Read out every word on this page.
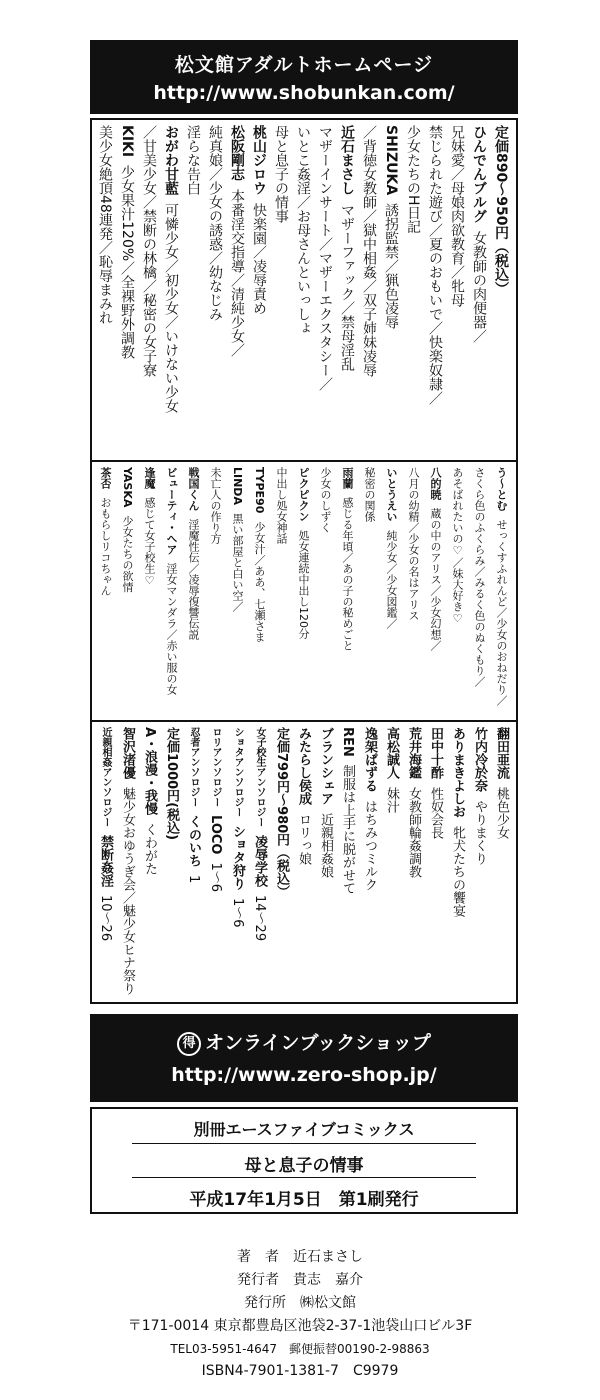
松文館アダルトホームページ
http://www.shobunkan.com/
定価890～950円（税込）
ひんでんブルグ女教師の肉便器／
兄妹愛／母娘肉欲教育／牝母
禁じられた遊び／夏のおもいで／快楽奴隷／
少女たちのH日記
SHIZUKA誘拐監禁／猟色凌辱
／背徳女教師／獄中相姦／双子姉妹凌辱
近石まさしマザーファック／禁母淫乱
マザーインサート／マザーエクスタシー／
いとこ姦淫／お母さんといっしょ
母と息子の情事
桃山ジロウ快楽園／凌辱責め
松阪剛志本番淫交指導／清純少女／
純真娘／少女の誘惑／幼なじみ
淫らな告白
おがわ甘藍可憐少女／初少女／いけない少女
／甘美少女／禁断の林檎／秘密の女子寮
KIKI少女果汁120%／全裸野外調教
美少女絶頂48連発／恥辱まみれ
う～とむせっくすふれんど／少女のおねだり／
さくら色のふくらみ／みるく色のぬくもり／
あそばれたいの♡／妹大好き♡
八的暁蔵の中のアリス／少女幻想／
八月の幼精／少女の名はアリス
いとうえい純少女／少女図鑑／
秘密の関係
雨蘭感じる年頃／あの子の秘めごと
少女のしずく
ピクピクン処女連続中出し120分
中出し処女神話
TYPE90少女汁／ああ、七瀬さま
LINDA黒い部屋と白い空／
未亡人の作り方
戦国くん淫魔性伝／凌辱復讐伝説
ビューティ・ヘア淫女マンダラ／赤い服の女
逢魔感じて女子校生♡
YASKA少女たちの欲情
茶否おもらしリコちゃん
翻田亜流桃色少女
竹内冷於奈やりまくり
ありまきよしお牝犬たちの饗宴
田中十酢性奴会長
荒井海鑑女教師輪姦調教
高松誠人妹汁
逸架ぱずるはちみつミルク
REN制服は上手に脱がせて
ブランシェア近親相姦娘
みたらし侯成ロリっ娘
定価799円～980円（税込）
女子校生アンソロジー凌辱学校14～29
ショタアンソロジーショタ狩り1～6
ロリアンソロジーLOCO1～6
忍者アンソロジーくのいち1
定価1000円(税込)
A・浪漫・我慢くわがた
智沢渚優魅少女おゆうぎ会／魅少女ヒナ祭り
近親相姦アンソロジー禁断姦淫10～26
得 オンラインブックショップ
http://www.zero-shop.jp/
別冊エースファイブコミックス
母と息子の情事
平成17年1月5日　 第1刷発行
著　者　近石まさし
発行者　貴志　嘉介
発行所　㈱松文館
〒171-0014 東京都豊島区池袋2-37-1池袋山口ビル3F
TEL03-5951-4647　郵便振替00190-2-98863
ISBN4-7901-1381-7　C9979
